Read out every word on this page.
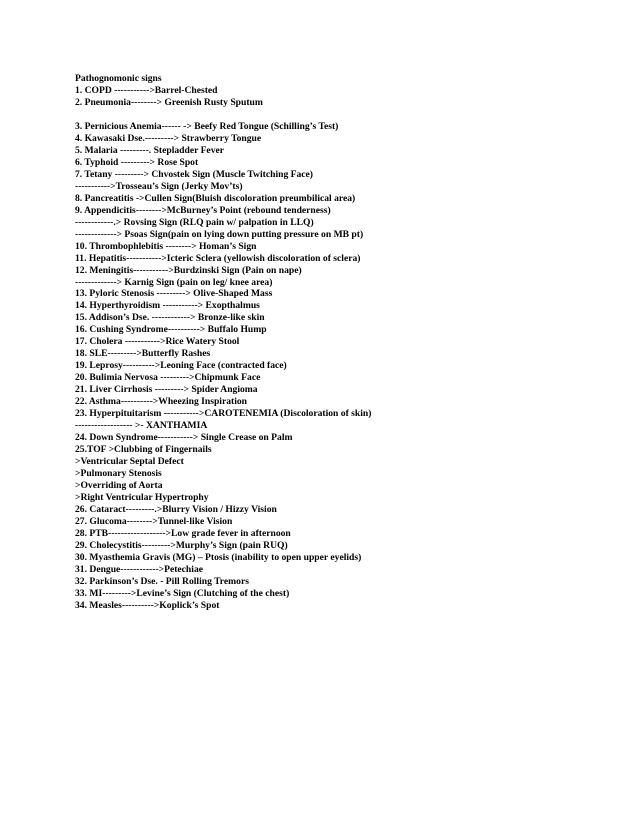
Pathognomonic signs
1. COPD ----------->Barrel-Chested
2. Pneumonia--------> Greenish Rusty Sputum
3. Pernicious Anemia------ -> Beefy Red Tongue (Schilling’s Test)
4. Kawasaki Dse.---------> Strawberry Tongue
5. Malaria ---------. Stepladder Fever
6. Typhoid ---------> Rose Spot
7. Tetany ---------> Chvostek Sign (Muscle Twitching Face)
----------->Trosseau’s Sign (Jerky Mov’ts)
8. Pancreatitis ->Cullen Sign(Bluish discoloration preumbilical area)
9. Appendicitis-------->McBurney’s Point (rebound tenderness)
------------.> Rovsing Sign (RLQ pain w/ palpation in LLQ)
-------------> Psoas Sign(pain on lying down putting pressure on MB pt)
10. Thrombophlebitis --------> Homan’s Sign
11. Hepatitis----------->Icteric Sclera (yellowish discoloration of sclera)
12. Meningitis----------->Burdzinski Sign (Pain on nape)
-------------> Karnig Sign (pain on leg/ knee area)
13. Pyloric Stenosis ---------> Olive-Shaped Mass
14. Hyperthyroidism -----------> Exopthalmus
15. Addison’s Dse. ------------> Bronze-like skin
16. Cushing Syndrome----------> Buffalo Hump
17. Cholera ----------->Rice Watery Stool
18. SLE--------->Butterfly Rashes
19. Leprosy---------->Leoning Face (contracted face)
20. Bulimia Nervosa --------->Chipmunk Face
21. Liver Cirrhosis ---------> Spider Angioma
22. Asthma---------->Wheezing Inspiration
23. Hyperpituitarism ----------->CAROTENEMIA (Discoloration of skin)
------------------ >- XANTHAMIA
24. Down Syndrome-----------> Single Crease on Palm
25.TOF >Clubbing of Fingernails
>Ventricular Septal Defect
>Pulmonary Stenosis
>Overriding of Aorta
>Right Ventricular Hypertrophy
26. Cataract---------.>Blurry Vision / Hizzy Vision
27. Glucoma-------->Tunnel-like Vision
28. PTB------------------>Low grade fever in afternoon
29. Cholecystitis--------->Murphy’s Sign (pain RUQ)
30. Myasthemia Gravis (MG) – Ptosis (inability to open upper eyelids)
31. Dengue------------>Petechiae
32. Parkinson’s Dse. - Pill Rolling Tremors
33. MI--------->Levine’s Sign (Clutching of the chest)
34. Measles---------->Koplick’s Spot
